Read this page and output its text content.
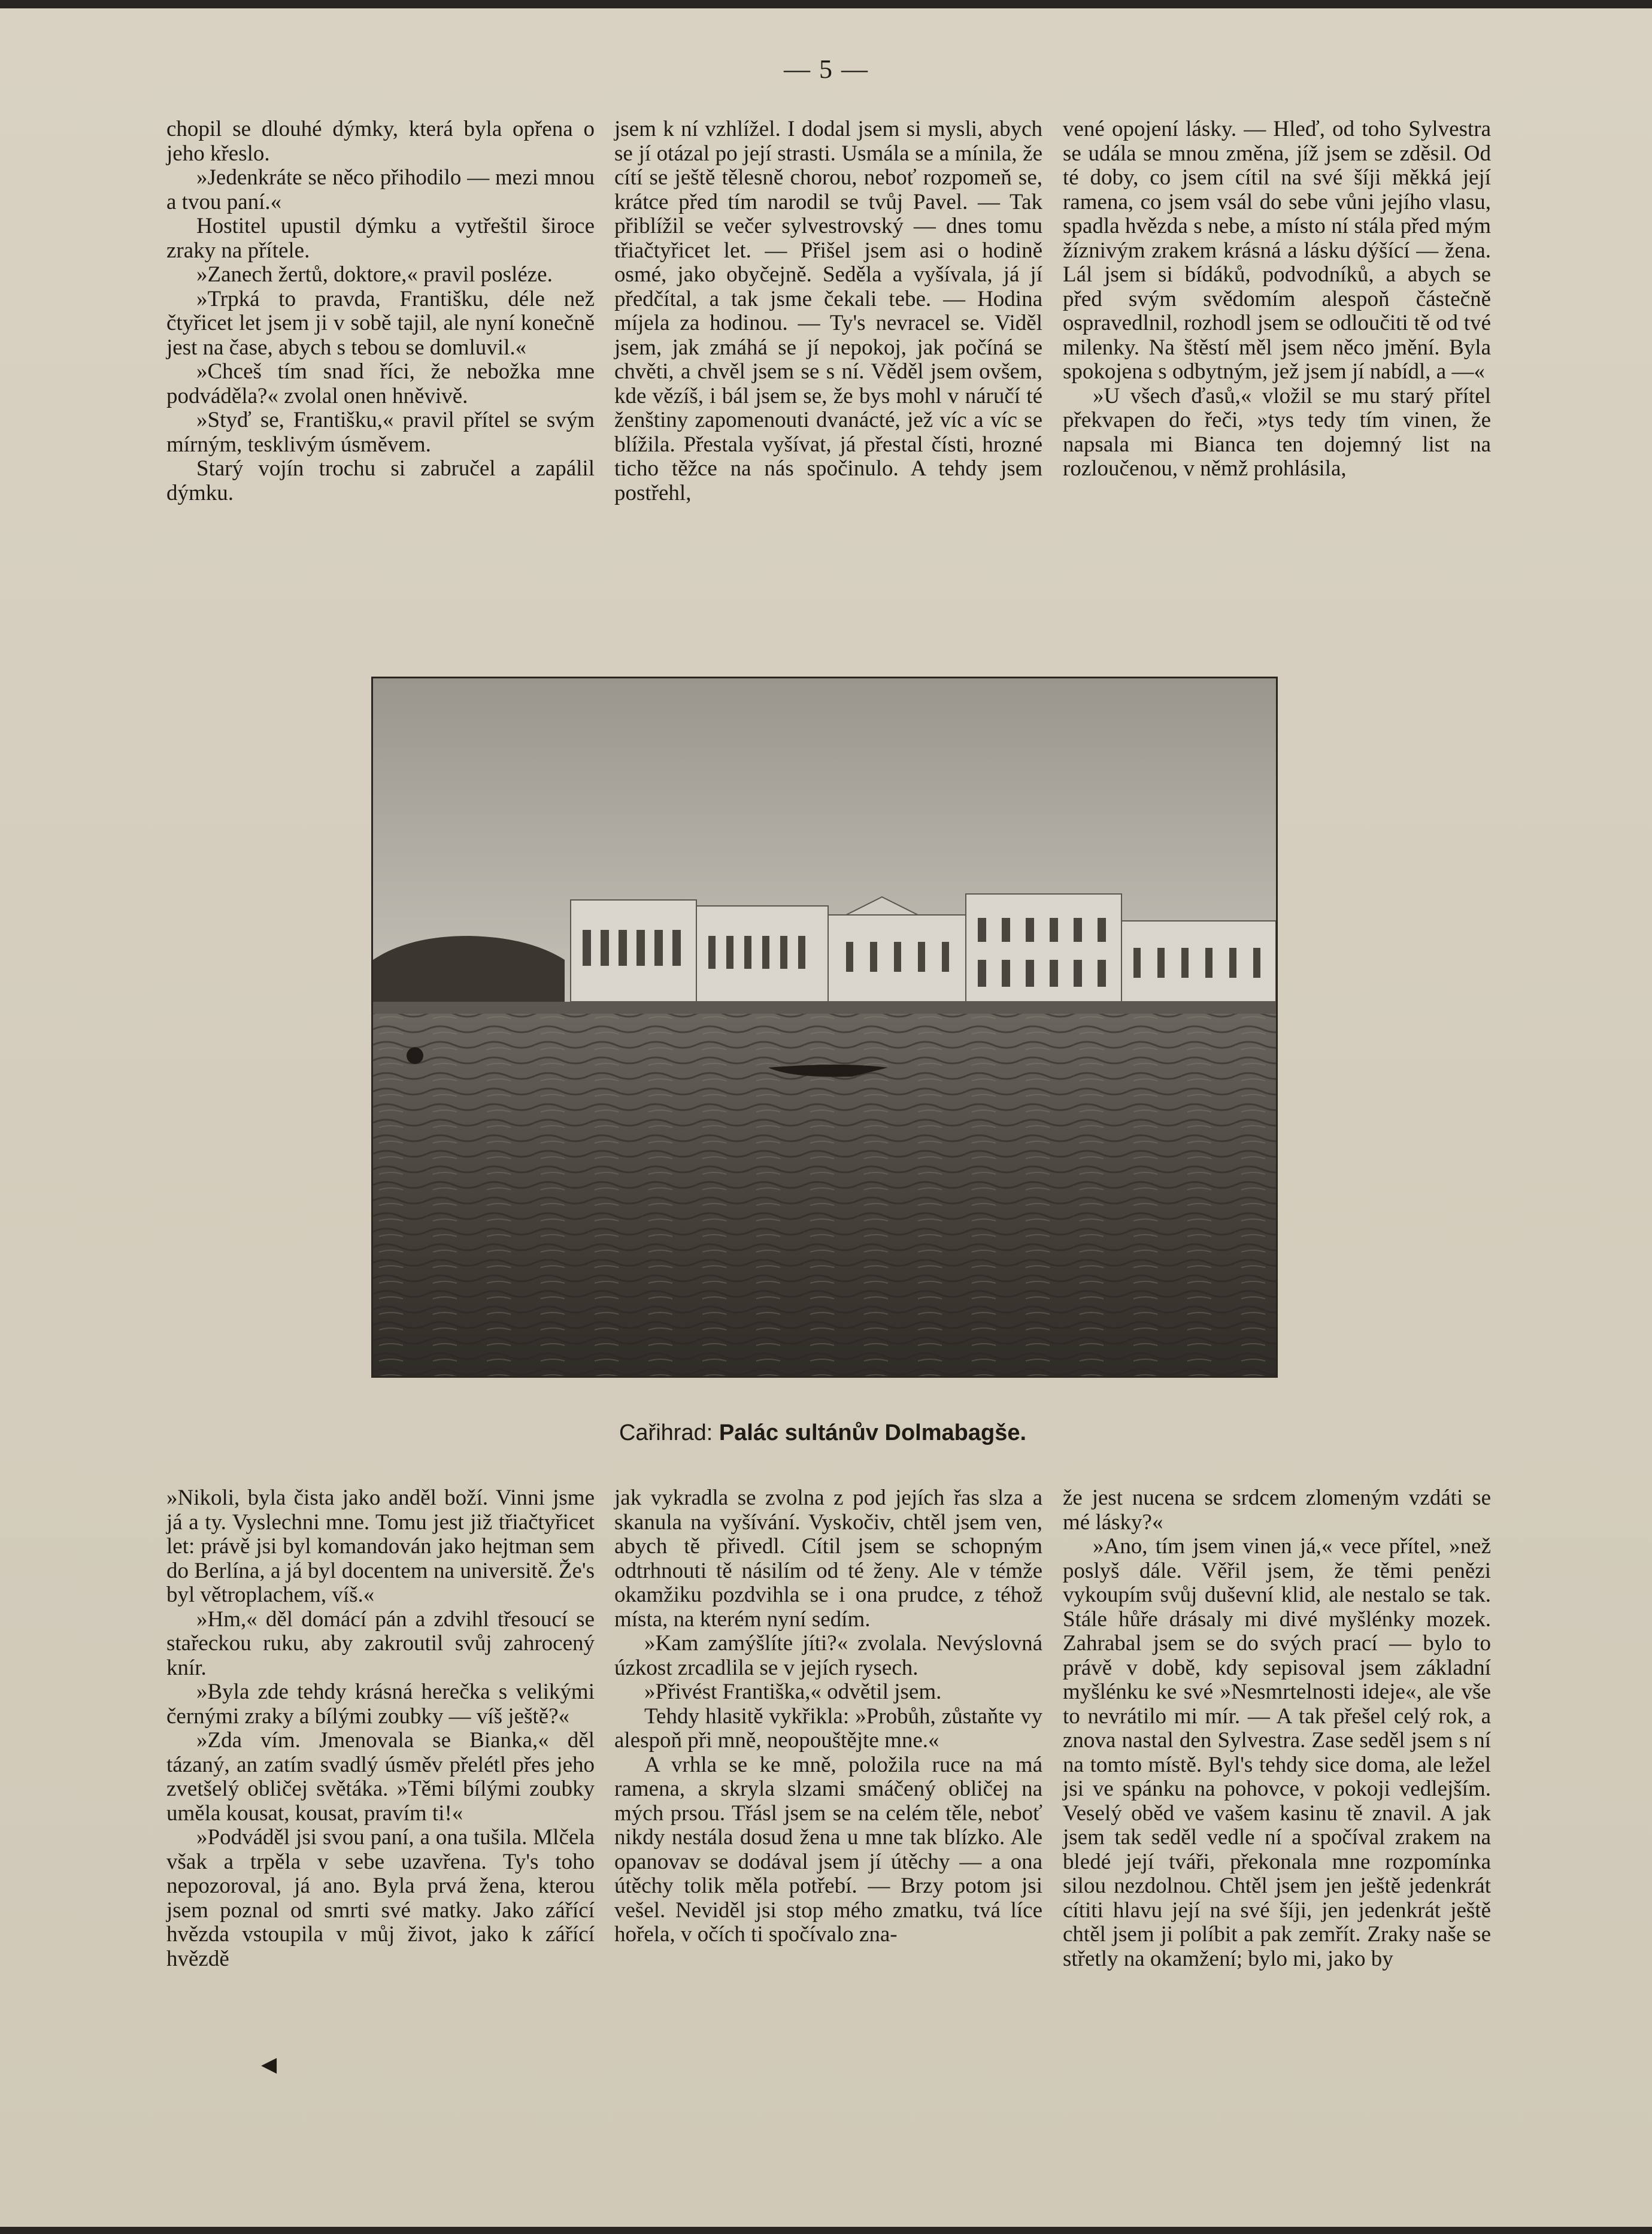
— 5 —

chopil se dlouhé dýmky, která byla opřena o jeho křeslo.

»Jedenkráte se něco přihodilo — mezi mnou a tvou paní.«

Hostitel upustil dýmku a vytřeštil široce zraky na přítele.

»Zanech žertů, doktore,« pravil posléze.

»Trpká to pravda, Františku, déle než čtyřicet let jsem ji v sobě tajil, ale nyní konečně jest na čase, abych s tebou se domluvil.«

»Chceš tím snad říci, že nebožka mne podváděla?« zvolal onen hněvivě.

»Styď se, Františku,« pravil přítel se svým mírným, tesklivým úsměvem.

Starý vojín trochu si zabručel a zapálil dýmku.

jsem k ní vzhlížel. I dodal jsem si mysli, abych se jí otázal po její strasti. Usmála se a mínila, že cítí se ještě tělesně chorou, neboť rozpomeň se, krátce před tím narodil se tvůj Pavel. — Tak přiblížil se večer sylvestrovský — dnes tomu třiačtyřicet let. — Přišel jsem asi o hodině osmé, jako obyčejně. Seděla a vyšívala, já jí předčítal, a tak jsme čekali tebe. — Hodina míjela za hodinou. — Ty's nevracel se. Viděl jsem, jak zmáhá se jí nepokoj, jak počíná se chvěti, a chvěl jsem se s ní. Věděl jsem ovšem, kde vězíš, i bál jsem se, že bys mohl v náručí té ženštiny zapomenouti dvanácté, jež víc a víc se blížila. Přestala vyšívat, já přestal čísti, hrozné ticho těžce na nás spočinulo. A tehdy jsem postřehl,

vené opojení lásky. — Hleď, od toho Sylvestra se udála se mnou změna, jíž jsem se zděsil. Od té doby, co jsem cítil na své šíji měkká její ramena, co jsem vsál do sebe vůni jejího vlasu, spadla hvězda s nebe, a místo ní stála před mým žíznivým zrakem krásná a lásku dýšící — žena. Lál jsem si bídáků, podvodníků, a abych se před svým svědomím alespoň částečně ospravedlnil, rozhodl jsem se odloučiti tě od tvé milenky. Na štěstí měl jsem něco jmění. Byla spokojena s odbytným, jež jsem jí nabídl, a —«

»U všech ďasů,« vložil se mu starý přítel překvapen do řeči, »tys tedy tím vinen, že napsala mi Bianca ten dojemný list na rozloučenou, v němž prohlásila,

Cařihrad: Palác sultánův Dolmabagše.

»Nikoli, byla čista jako anděl boží. Vinni jsme já a ty. Vyslechni mne. Tomu jest již třiačtyřicet let: právě jsi byl komandován jako hejtman sem do Berlína, a já byl docentem na universitě. Že's byl větroplachem, víš.«

»Hm,« děl domácí pán a zdvihl třesoucí se stařeckou ruku, aby zakroutil svůj zahrocený knír.

»Byla zde tehdy krásná herečka s velikými černými zraky a bílými zoubky — víš ještě?«

»Zda vím. Jmenovala se Bianka,« děl tázaný, an zatím svadlý úsměv přelétl přes jeho zvetšelý obličej světáka. »Těmi bílými zoubky uměla kousat, kousat, pravím ti!«

»Podváděl jsi svou paní, a ona tušila. Mlčela však a trpěla v sebe uzavřena. Ty's toho nepozoroval, já ano. Byla prvá žena, kterou jsem poznal od smrti své matky. Jako zářící hvězda vstoupila v můj život, jako k zářící hvězdě

jak vykradla se zvolna z pod jejích řas slza a skanula na vyšívání. Vyskočiv, chtěl jsem ven, abych tě přivedl. Cítil jsem se schopným odtrhnouti tě násilím od té ženy. Ale v témže okamžiku pozdvihla se i ona prudce, z téhož místa, na kterém nyní sedím.

»Kam zamýšlíte jíti?« zvolala. Nevýslovná úzkost zrcadlila se v jejích rysech.

»Přivést Františka,« odvětil jsem.

Tehdy hlasitě vykřikla: »Probůh, zůstaňte vy alespoň při mně, neopouštějte mne.«

A vrhla se ke mně, položila ruce na má ramena, a skryla slzami smáčený obličej na mých prsou. Třásl jsem se na celém těle, neboť nikdy nestála dosud žena u mne tak blízko. Ale opanovav se dodával jsem jí útěchy — a ona útěchy tolik měla potřebí. — Brzy potom jsi vešel. Neviděl jsi stop mého zmatku, tvá líce hořela, v očích ti spočívalo zna-

že jest nucena se srdcem zlomeným vzdáti se mé lásky?«

»Ano, tím jsem vinen já,« vece přítel, »než poslyš dále. Věřil jsem, že těmi penězi vykoupím svůj duševní klid, ale nestalo se tak. Stále hůře drásaly mi divé myšlénky mozek. Zahrabal jsem se do svých prací — bylo to právě v době, kdy sepisoval jsem základní myšlénku ke své »Nesmrtelnosti ideje«, ale vše to nevrátilo mi mír. — A tak přešel celý rok, a znova nastal den Sylvestra. Zase seděl jsem s ní na tomto místě. Byl's tehdy sice doma, ale ležel jsi ve spánku na pohovce, v pokoji vedlejším. Veselý oběd ve vašem kasinu tě znavil. A jak jsem tak seděl vedle ní a spočíval zrakem na bledé její tváři, překonala mne rozpomínka silou nezdolnou. Chtěl jsem jen ještě jedenkrát cítiti hlavu její na své šíji, jen jedenkrát ještě chtěl jsem ji políbit a pak zemřít. Zraky naše se střetly na okamžení; bylo mi, jako by

◀
